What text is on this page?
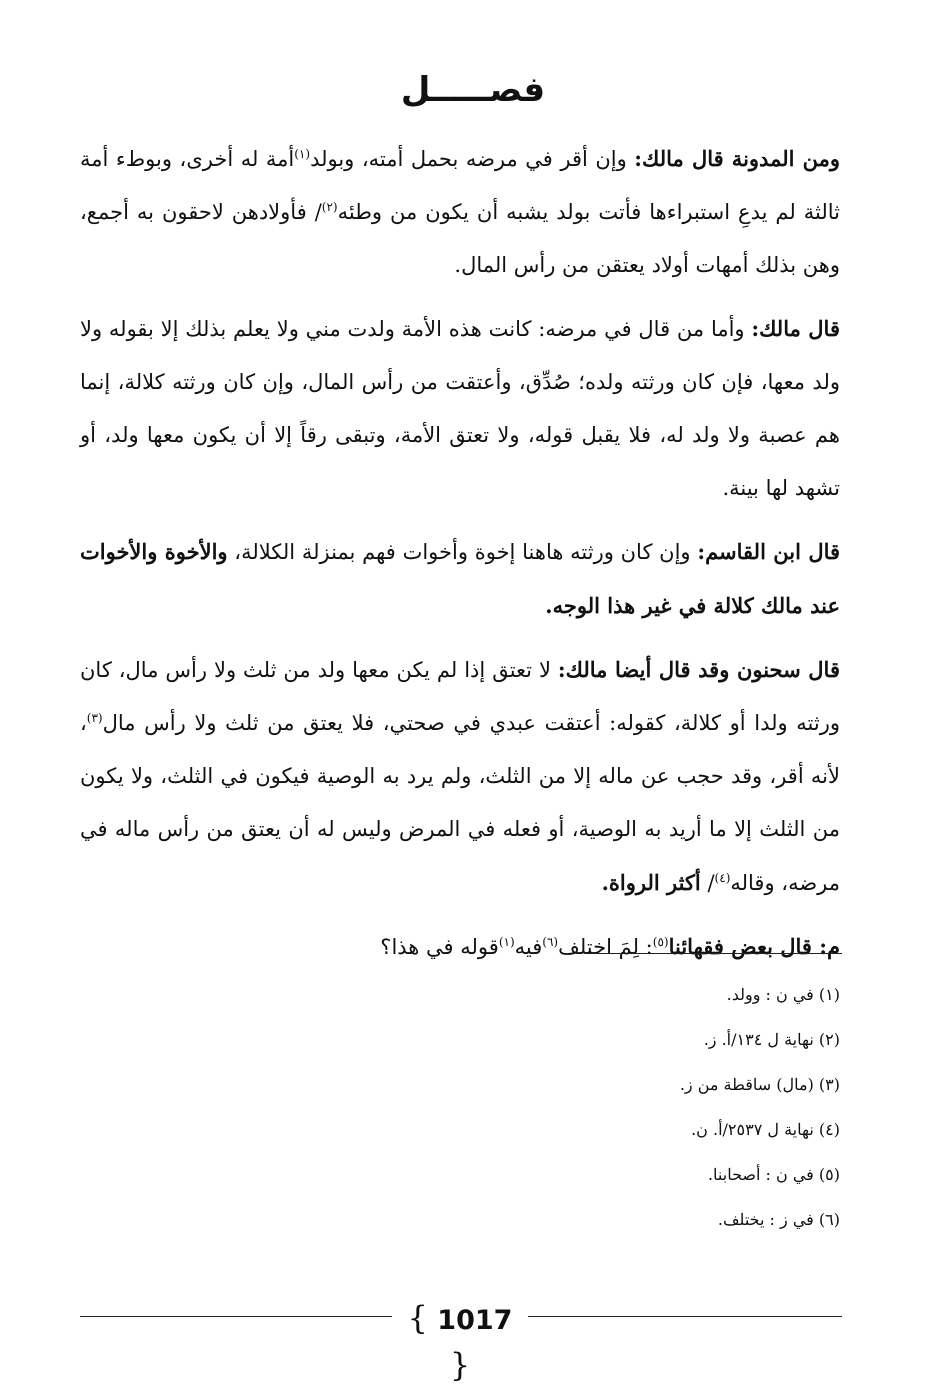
فصـــــل

ومن المدونة قال مالك: وإن أقر في مرضه بحمل أمته، وبولد$^{(١)}$أمة له أخرى، وبوطء أمة ثالثة لم يدعِ استبراءها فأتت بولد يشبه أن يكون من وطئه$^{(٢)}$/ فأولادهن لاحقون به أجمع، وهن بذلك أمهات أولاد يعتقن من رأس المال.

قال مالك: وأما من قال في مرضه: كانت هذه الأمة ولدت مني ولا يعلم بذلك إلا بقوله ولا ولد معها، فإن كان ورثته ولده؛ صُدِّق، وأعتقت من رأس المال، وإن كان ورثته كلالة، إنما هم عصبة ولا ولد له، فلا يقبل قوله، ولا تعتق الأمة، وتبقى رقاً إلا أن يكون معها ولد، أو تشهد لها بينة.

قال ابن القاسم: وإن كان ورثته هاهنا إخوة وأخوات فهم بمنزلة الكلالة، والأخوة والأخوات عند مالك كلالة في غير هذا الوجه.

قال سحنون وقد قال أيضا مالك: لا تعتق إذا لم يكن معها ولد من ثلث ولا رأس مال، كان ورثته ولدا أو كلالة، كقوله: أعتقت عبدي في صحتي، فلا يعتق من ثلث ولا رأس مال$^{(٣)}$، لأنه أقر، وقد حجب عن ماله إلا من الثلث، ولم يرد به الوصية فيكون في الثلث، ولا يكون من الثلث إلا ما أريد به الوصية، أو فعله في المرض وليس له أن يعتق من رأس ماله في مرضه، وقاله$^{(٤)}$/ أكثر الرواة.

م: قال بعض فقهائنا$^{(٥)}$: لِمَ اختلف$^{(٦)}$فيه$^{(١)}$قوله في هذا؟

(١) في ن : وولد.
(٢) نهاية ل ١٣٤/أ. ز.
(٣) (مال) ساقطة من ز.
(٤) نهاية ل ٢٥٣٧/أ. ن.
(٥) في ن : أصحابنا.
(٦) في ز : يختلف.
{ 1017 }
